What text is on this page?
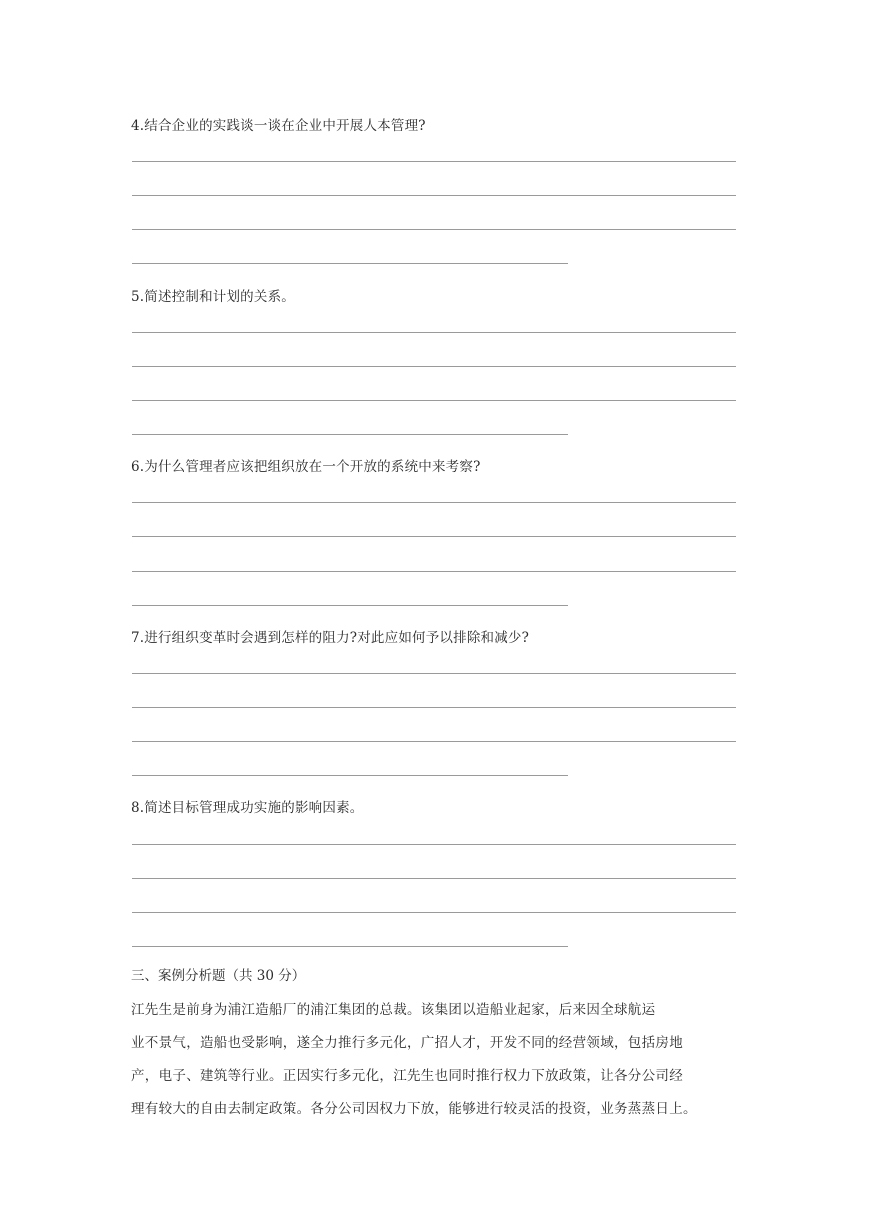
4.结合企业的实践谈一谈在企业中开展人本管理?
5.简述控制和计划的关系。
6.为什么管理者应该把组织放在一个开放的系统中来考察?
7.进行组织变革时会遇到怎样的阻力?对此应如何予以排除和减少?
8.简述目标管理成功实施的影响因素。
三、案例分析题（共 30 分）
江先生是前身为浦江造船厂的浦江集团的总裁。该集团以造船业起家，后来因全球航运
业不景气，造船也受影响，遂全力推行多元化，广招人才，开发不同的经营领域，包括房地
产，电子、建筑等行业。正因实行多元化，江先生也同时推行权力下放政策，让各分公司经
理有较大的自由去制定政策。各分公司因权力下放，能够进行较灵活的投资，业务蒸蒸日上。
